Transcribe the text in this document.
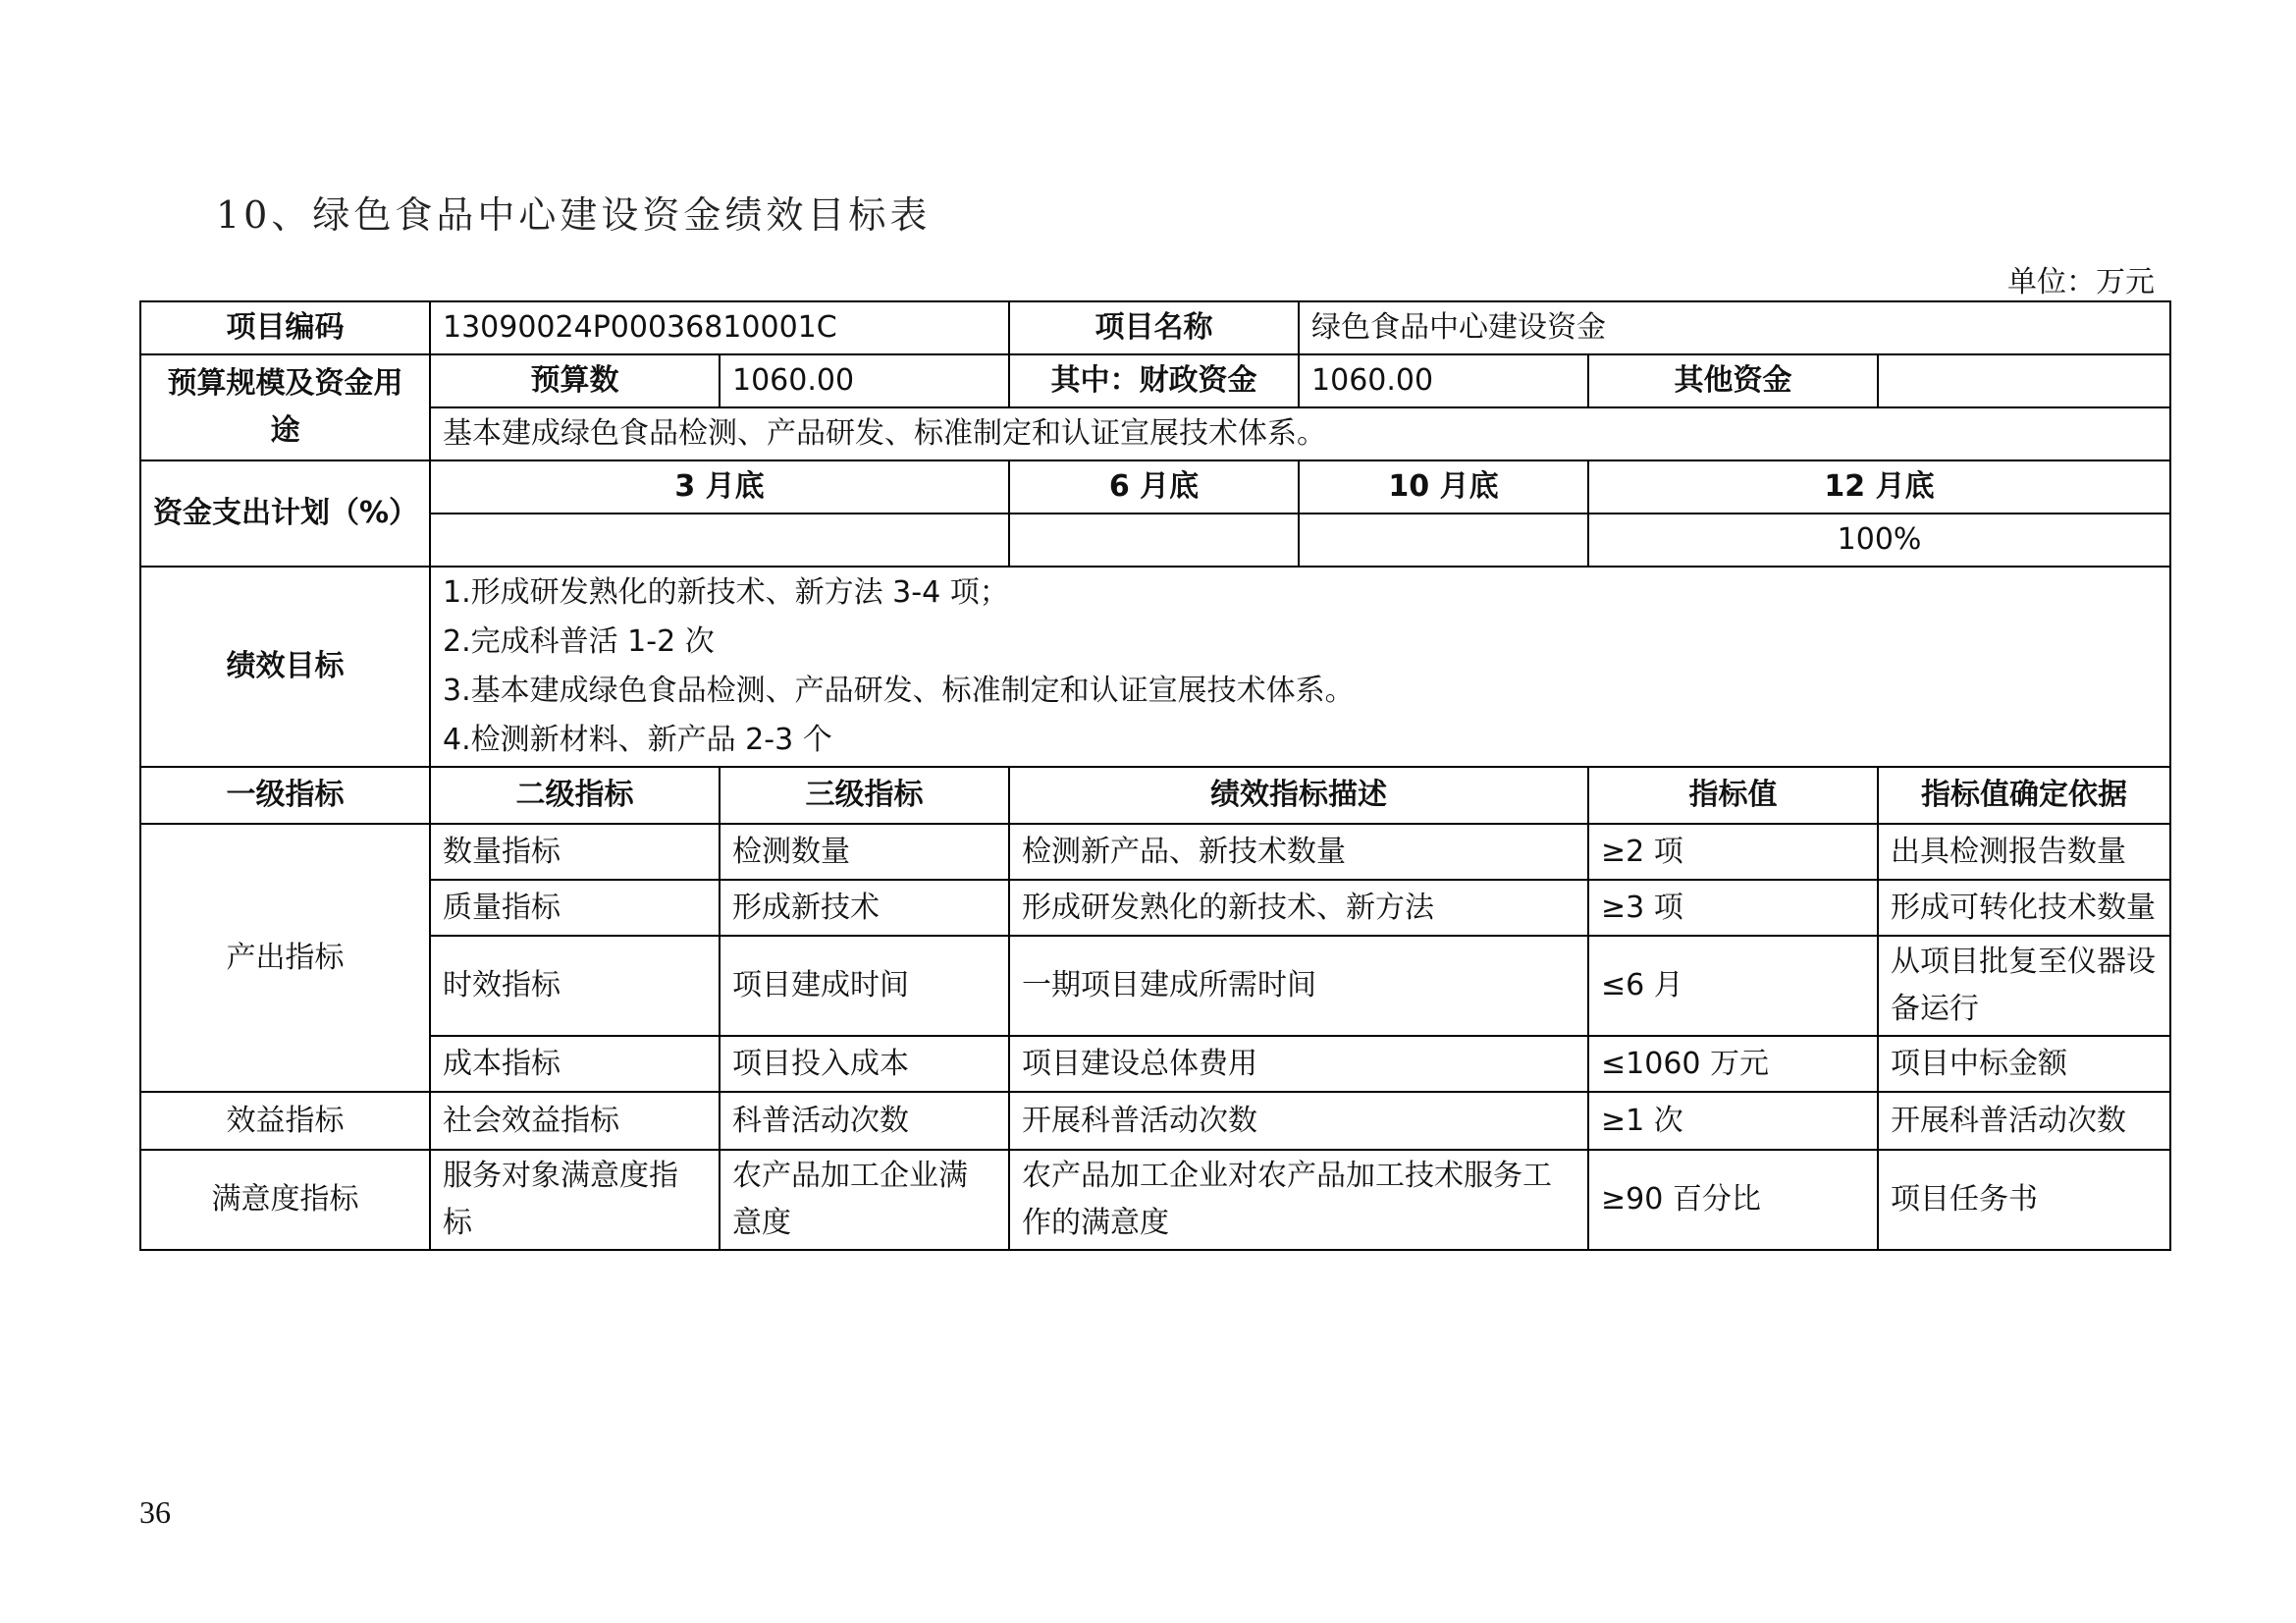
10、绿色食品中心建设资金绩效目标表
单位：万元
项目编码	13090024P00036810001C		项目名称	绿色食品中心建设资金		
预算规模及资金用途	预算数	1060.00	其中：财政资金	1060.00	其他资金	
	基本建成绿色食品检测、产品研发、标准制定和认证宣展技术体系。					
资金支出计划（%）	3 月底		6 月底	10 月底	12 月底	
					100%	
绩效目标	1.形成研发熟化的新技术、新方法 3-4 项；
2.完成科普活 1-2 次
3.基本建成绿色食品检测、产品研发、标准制定和认证宣展技术体系。
4.检测新材料、新产品 2-3 个					

一级指标	二级指标	三级指标	绩效指标描述		指标值	指标值确定依据
产出指标	数量指标	检测数量	检测新产品、新技术数量		≥2 项	出具检测报告数量
	质量指标	形成新技术	形成研发熟化的新技术、新方法		≥3 项	形成可转化技术数量
	时效指标	项目建成时间	一期项目建成所需时间		≤6 月	从项目批复至仪器设备运行
	成本指标	项目投入成本	项目建设总体费用		≤1060 万元	项目中标金额
效益指标	社会效益指标	科普活动次数	开展科普活动次数		≥1 次	开展科普活动次数
满意度指标	服务对象满意度指标	农产品加工企业满意度	农产品加工企业对农产品加工技术服务工作的满意度		≥90 百分比	项目任务书
36
